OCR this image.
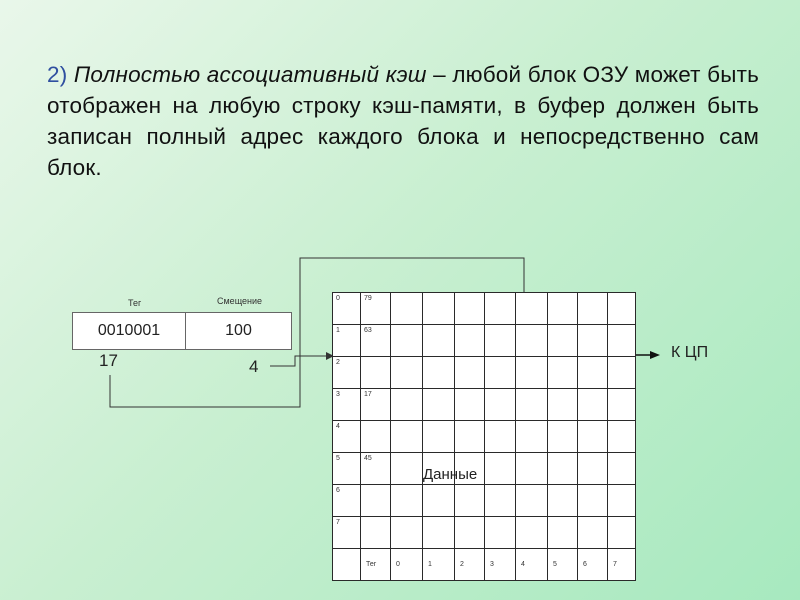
2) Полностью ассоциативный кэш – любой блок ОЗУ может быть отображен на любую строку кэш-памяти, в буфер должен быть записан полный адрес каждого блока и непосредственно сам блок.
Тег	Смещение
0010001	100
17	4
0	79								
1	63								
2									
3	17								
4									
5	45								
6									
7									
	Тег	0	1	2	3	4	5	6	7
Данные
К ЦП
